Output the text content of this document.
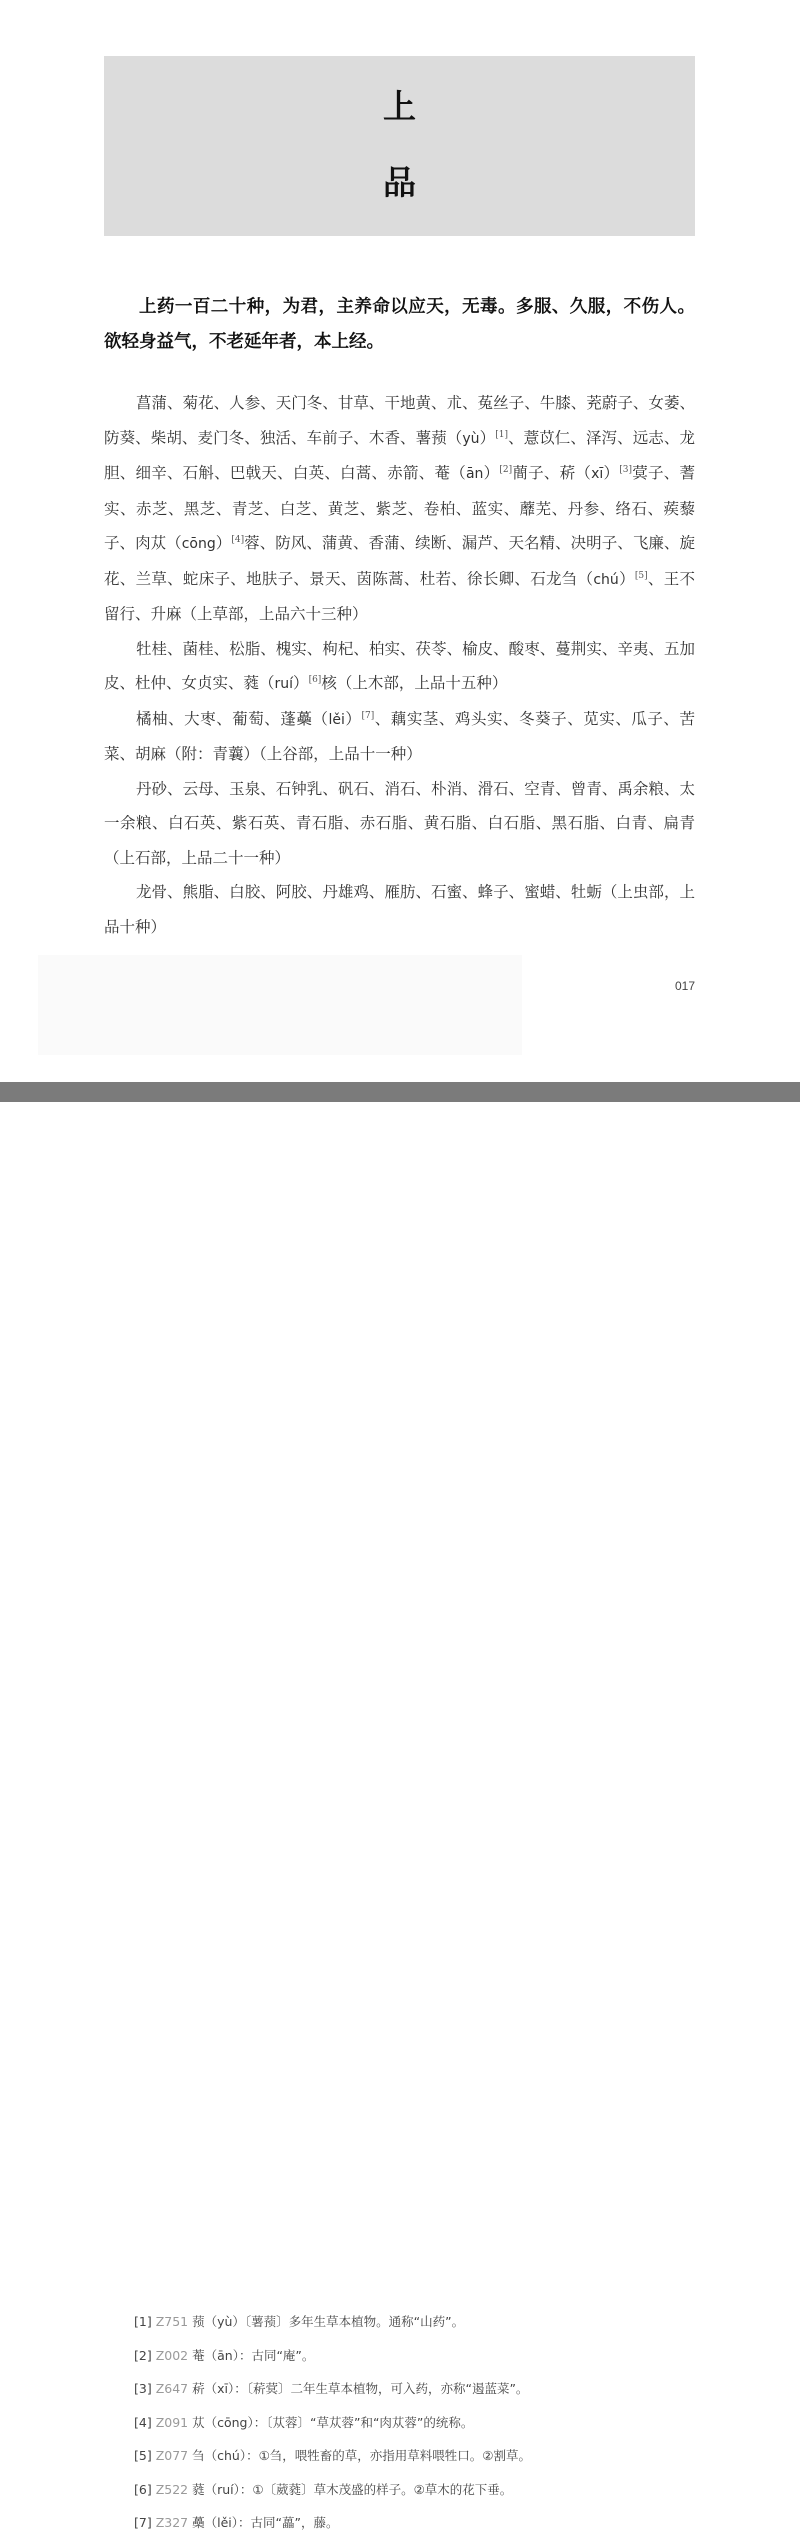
上
品
上药一百二十种，为君，主养命以应天，无毒。多服、久服，不伤人。欲轻身益气，不老延年者，本上经。

菖蒲、菊花、人参、天门冬、甘草、干地黄、朮、菟丝子、牛膝、茺蔚子、女萎、防葵、柴胡、麦门冬、独活、车前子、木香、薯蓣（yù）[1]、薏苡仁、泽泻、远志、龙胆、细辛、石斛、巴戟天、白英、白蒿、赤箭、菴（ān）[2]蕳子、菥（xī）[3]蓂子、蓍实、赤芝、黑芝、青芝、白芝、黄芝、紫芝、卷柏、蓝实、蘼芜、丹参、络石、蒺藜子、肉苁（cōng）[4]蓉、防风、蒲黄、香蒲、续断、漏芦、天名精、决明子、飞廉、旋花、兰草、蛇床子、地肤子、景天、茵陈蒿、杜若、徐长卿、石龙刍（chú）[5]、王不留行、升麻（上草部，上品六十三种）

牡桂、菌桂、松脂、槐实、枸杞、柏实、茯苓、榆皮、酸枣、蔓荆实、辛夷、五加皮、杜仲、女贞实、蕤（ruí）[6]核（上木部，上品十五种）

橘柚、大枣、葡萄、蓬蘽（lěi）[7]、藕实茎、鸡头实、冬葵子、苋实、瓜子、苦菜、胡麻（附：青蘘）（上谷部，上品十一种）

丹砂、云母、玉泉、石钟乳、矾石、消石、朴消、滑石、空青、曾青、禹余粮、太一余粮、白石英、紫石英、青石脂、赤石脂、黄石脂、白石脂、黑石脂、白青、扁青（上石部，上品二十一种）

龙骨、熊脂、白胶、阿胶、丹雄鸡、雁肪、石蜜、蜂子、蜜蜡、牡蛎（上虫部，上品十种）

017
[1] Z751 蓣（yù）〔薯蓣〕多年生草本植物。通称“山药”。
[2] Z002 菴（ān）：古同“庵”。
[3] Z647 菥（xī）：〔菥蓂〕二年生草本植物，可入药，亦称“遏蓝菜”。
[4] Z091 苁（cōng）：〔苁蓉〕“草苁蓉”和“肉苁蓉”的统称。
[5] Z077 刍（chú）：①刍，喂牲畜的草，亦指用草料喂牲口。②割草。
[6] Z522 蕤（ruí）：①〔葳蕤〕草木茂盛的样子。②草木的花下垂。
[7] Z327 蘽（lěi）：古同“藟”，藤。
